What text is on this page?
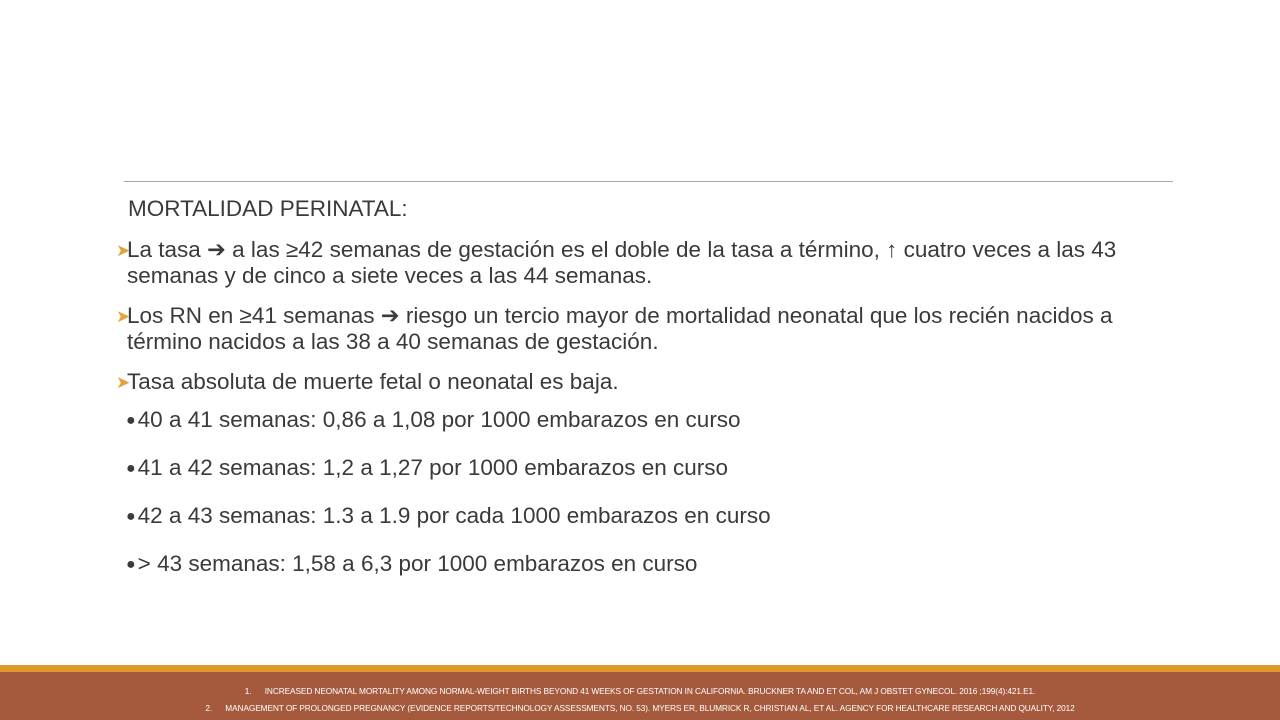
MORTALIDAD PERINATAL:
➤
La tasa ➔ a las ≥42 semanas de gestación es el doble de la tasa a término, ↑ cuatro veces a las 43 semanas y de cinco a siete veces a las 44 semanas.
➤
Los RN en ≥41 semanas ➔ riesgo un tercio mayor de mortalidad neonatal que los recién nacidos a término nacidos a las 38 a 40 semanas de gestación.
➤
Tasa absoluta de muerte fetal o neonatal es baja.
●40 a 41 semanas: 0,86 a 1,08 por 1000 embarazos en curso
●41 a 42 semanas: 1,2 a 1,27 por 1000 embarazos en curso
●42 a 43 semanas: 1.3 a 1.9 por cada 1000 embarazos en curso
●> 43 semanas: 1,58 a 6,3 por 1000 embarazos en curso
1.      INCREASED NEONATAL MORTALITY AMONG NORMAL-WEIGHT BIRTHS BEYOND 41 WEEKS OF GESTATION IN CALIFORNIA. BRUCKNER TA AND ET COL, AM J OBSTET GYNECOL. 2016 ;199(4):421.E1.
2.      MANAGEMENT OF PROLONGED PREGNANCY (EVIDENCE REPORTS/TECHNOLOGY ASSESSMENTS, NO. 53). MYERS ER, BLUMRICK R, CHRISTIAN AL, ET AL. AGENCY FOR HEALTHCARE RESEARCH AND QUALITY, 2012
